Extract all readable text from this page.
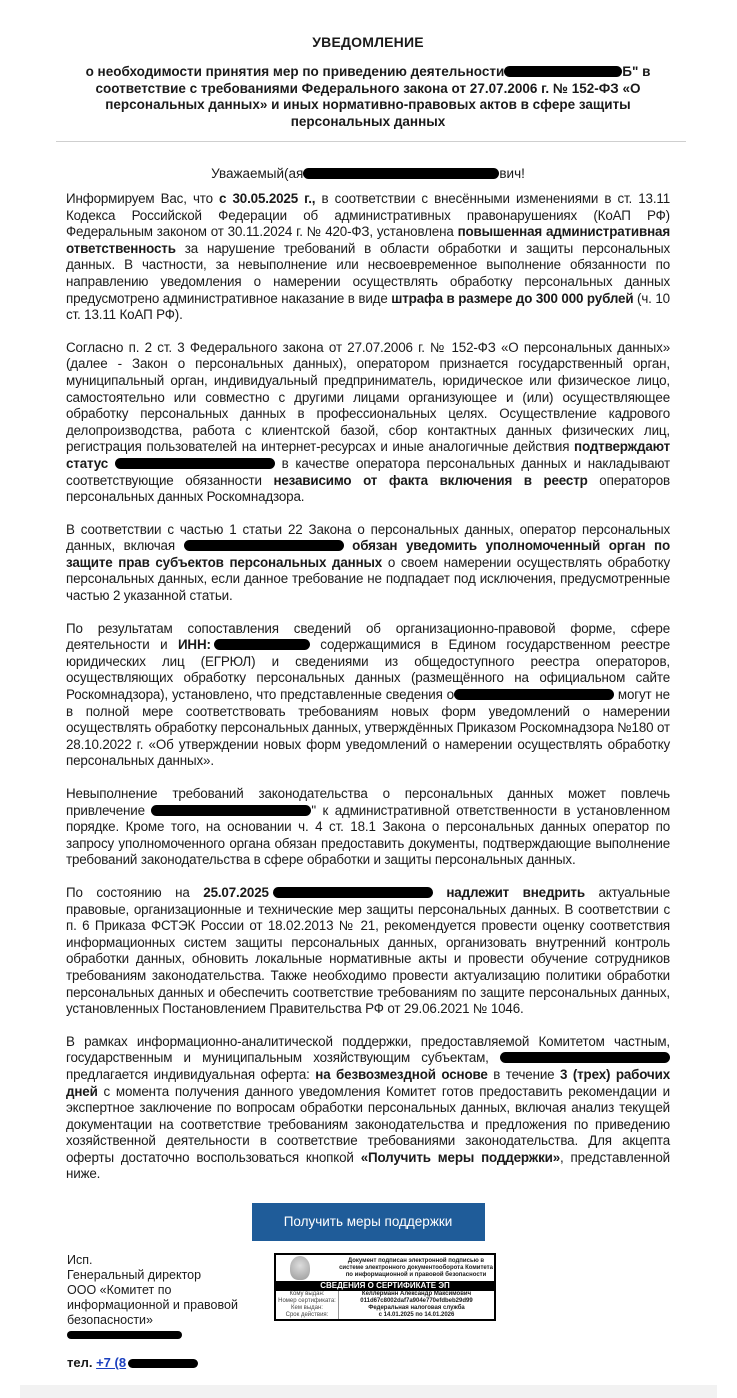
УВЕДОМЛЕНИЕ
о необходимости принятия мер по приведению деятельности	Б" в соответствие с требованиями Федерального закона от 27.07.2006 г. № 152-ФЗ «О персональных данных» и иных нормативно-правовых актов в сфере защиты персональных данных
Уважаемый(ая	вич!

Информируем Вас, что с 30.05.2025 г., в соответствии с внесёнными изменениями в ст. 13.11 Кодекса Российской Федерации об административных правонарушениях (КоАП РФ) Федеральным законом от 30.11.2024 г. № 420-ФЗ, установлена повышенная административная ответственность за нарушение требований в области обработки и защиты персональных данных. В частности, за невыполнение или несвоевременное выполнение обязанности по направлению уведомления о намерении осуществлять обработку персональных данных предусмотрено административное наказание в виде штрафа в размере до 300 000 рублей (ч. 10 ст. 13.11 КоАП РФ).

Согласно п. 2 ст. 3 Федерального закона от 27.07.2006 г. № 152-ФЗ «О персональных данных» (далее - Закон о персональных данных), оператором признается государственный орган, муниципальный орган, индивидуальный предприниматель, юридическое или физическое лицо, самостоятельно или совместно с другими лицами организующее и (или) осуществляющее обработку персональных данных в профессиональных целях. Осуществление кадрового делопроизводства, работа с клиентской базой, сбор контактных данных физических лиц, регистрация пользователей на интернет-ресурсах и иные аналогичные действия подтверждают статус	в качестве оператора персональных данных и накладывают соответствующие обязанности независимо от факта включения в реестр операторов персональных данных Роскомнадзора.

В соответствии с частью 1 статьи 22 Закона о персональных данных, оператор персональных данных, включая	обязан уведомить уполномоченный орган по защите прав субъектов персональных данных о своем намерении осуществлять обработку персональных данных, если данное требование не подпадает под исключения, предусмотренные частью 2 указанной статьи.

По результатам сопоставления сведений об организационно-правовой форме, сфере деятельности и ИНН:	содержащимися в Едином государственном реестре юридических лиц (ЕГРЮЛ) и сведениями из общедоступного реестра операторов, осуществляющих обработку персональных данных (размещённого на официальном сайте Роскомнадзора), установлено, что представленные сведения о	могут не в полной мере соответствовать требованиям новых форм уведомлений о намерении осуществлять обработку персональных данных, утверждённых Приказом Роскомнадзора №180 от 28.10.2022 г. «Об утверждении новых форм уведомлений о намерении осуществлять обработку персональных данных».

Невыполнение требований законодательства о персональных данных может повлечь привлечение	" к административной ответственности в установленном порядке. Кроме того, на основании ч. 4 ст. 18.1 Закона о персональных данных оператор по запросу уполномоченного органа обязан предоставить документы, подтверждающие выполнение требований законодательства в сфере обработки и защиты персональных данных.

По состоянию на 25.07.2025	надлежит внедрить актуальные правовые, организационные и технические мер защиты персональных данных. В соответствии с п. 6 Приказа ФСТЭК России от 18.02.2013 № 21, рекомендуется провести оценку соответствия информационных систем защиты персональных данных, организовать внутренний контроль обработки данных, обновить локальные нормативные акты и провести обучение сотрудников требованиям законодательства. Также необходимо провести актуализацию политики обработки персональных данных и обеспечить соответствие требованиям по защите персональных данных, установленных Постановлением Правительства РФ от 29.06.2021 № 1046.

В рамках информационно-аналитической поддержки, предоставляемой Комитетом частным, государственным и муниципальным хозяйствующим субъектам,  предлагается индивидуальная оферта: на безвозмездной основе в течение 3 (трех) рабочих дней с момента получения данного уведомления Комитет готов предоставить рекомендации и экспертное заключение по вопросам обработки персональных данных, включая анализ текущей документации на соответствие требованиям законодательства и предложения по приведению хозяйственной деятельности в соответствие требованиями законодательства. Для акцепта оферты достаточно воспользоваться кнопкой «Получить меры поддержки», представленной ниже.

Получить меры поддержки
Исп.
Генеральный директор
ООО «Комитет по информационной и правовой безопасности»
тел. +7 (8
Документ подписан электронной подписью в системе электронного документооборота Комитета по информационной и правовой безопасности
СВЕДЕНИЯ О СЕРТИФИКАТЕ ЭП
Кому выдан:	Келлерманн Александр Максимович
Номер сертификата:	011d67c8002daf7a904e770efdbeb29d99
Кем выдан:	Федеральная налоговая служба
Срок действия:	с 14.01.2025 по 14.01.2026
